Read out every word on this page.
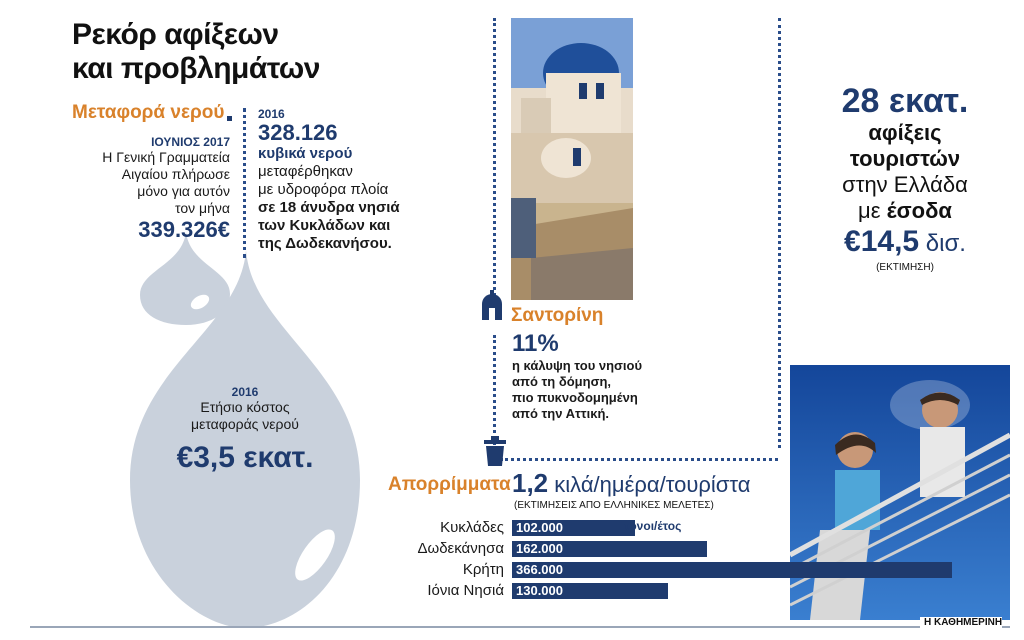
Ρεκόρ αφίξεων
και προβλημάτων
Μεταφορά νερού
ΙΟΥΝΙΟΣ 2017
Η Γενική Γραμματεία
Αιγαίου πλήρωσε
μόνο για αυτόν
τον μήνα
339.326€
2016
328.126
κυβικά νερού
μεταφέρθηκαν
με υδροφόρα πλοία
σε 18 άνυδρα νησιά
των Κυκλάδων και
της Δωδεκανήσου.
2016
Ετήσιο κόστος
μεταφοράς νερού
€3,5 εκατ.
Σαντορίνη
11%
η κάλυψη του νησιού
από τη δόμηση,
πιο πυκνοδομημένη
από την Αττική.
28 εκατ.
αφίξεις
τουριστών
στην Ελλάδα
με έσοδα
€14,5 δισ.
(ΕΚΤΙΜΗΣΗ)
Απορρίμματα 1,2 κιλά/ημέρα/τουρίστα
(ΕΚΤΙΜΗΣΕΙΣ ΑΠΟ ΕΛΛΗΝΙΚΕΣ ΜΕΛΕΤΕΣ)
Κυκλάδες 102.000
Δωδεκάνησα 162.000
Κρήτη 366.000
Ιόνια Νησιά 130.000
τόνοι/έτος
Η ΚΑΘΗΜΕΡΙΝΗ
